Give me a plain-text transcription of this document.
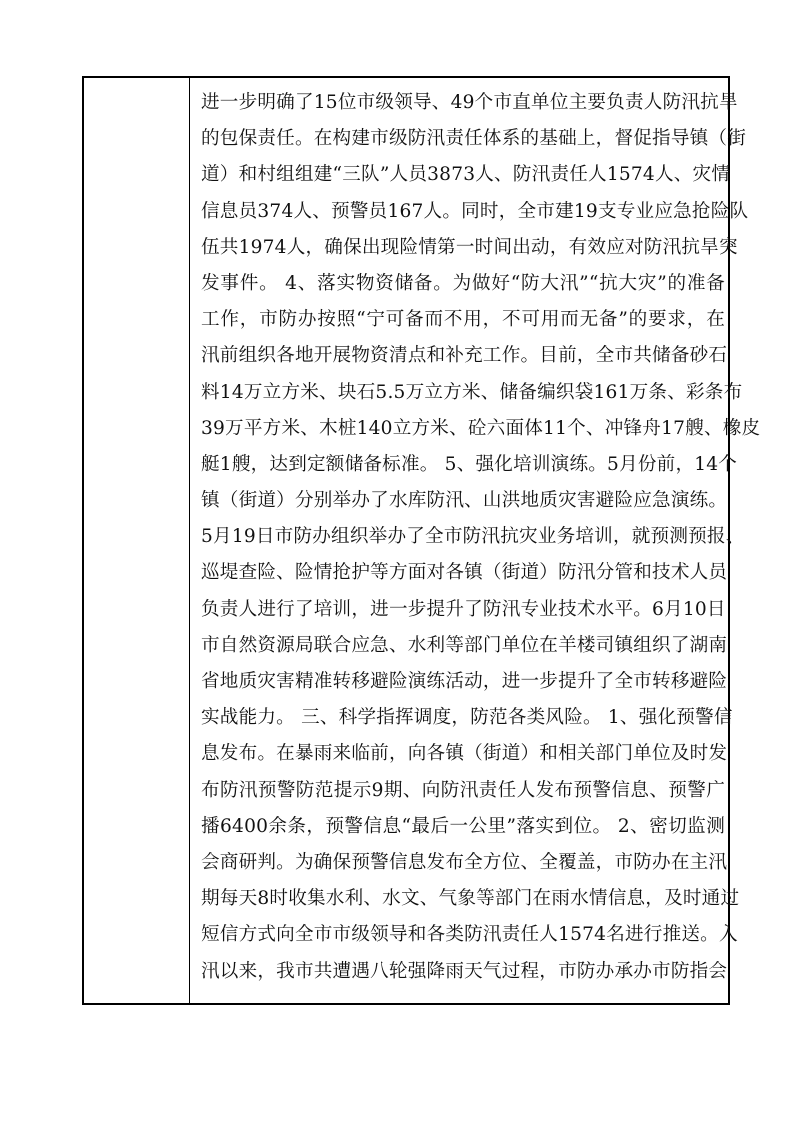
进一步明确了15位市级领导、49个市直单位主要负责人防汛抗旱
的包保责任。在构建市级防汛责任体系的基础上，督促指导镇（街
道）和村组组建“三队”人员3873人、防汛责任人1574人、灾情
信息员374人、预警员167人。同时，全市建19支专业应急抢险队
伍共1974人，确保出现险情第一时间出动，有效应对防汛抗旱突
发事件。 4、落实物资储备。为做好“防大汛”“抗大灾”的准备
工作，市防办按照“宁可备而不用，不可用而无备”的要求，在
汛前组织各地开展物资清点和补充工作。目前，全市共储备砂石
料14万立方米、块石5.5万立方米、储备编织袋161万条、彩条布
39万平方米、木桩140立方米、砼六面体11个、冲锋舟17艘、橡皮
艇1艘，达到定额储备标准。 5、强化培训演练。5月份前，14个
镇（街道）分别举办了水库防汛、山洪地质灾害避险应急演练。
5月19日市防办组织举办了全市防汛抗灾业务培训，就预测预报、
巡堤查险、险情抢护等方面对各镇（街道）防汛分管和技术人员
负责人进行了培训，进一步提升了防汛专业技术水平。6月10日
市自然资源局联合应急、水利等部门单位在羊楼司镇组织了湖南
省地质灾害精准转移避险演练活动，进一步提升了全市转移避险
实战能力。 三、科学指挥调度，防范各类风险。 1、强化预警信
息发布。在暴雨来临前，向各镇（街道）和相关部门单位及时发
布防汛预警防范提示9期、向防汛责任人发布预警信息、预警广
播6400余条，预警信息“最后一公里”落实到位。 2、密切监测
会商研判。为确保预警信息发布全方位、全覆盖，市防办在主汛
期每天8时收集水利、水文、气象等部门在雨水情信息，及时通过
短信方式向全市市级领导和各类防汛责任人1574名进行推送。入
汛以来，我市共遭遇八轮强降雨天气过程，市防办承办市防指会
